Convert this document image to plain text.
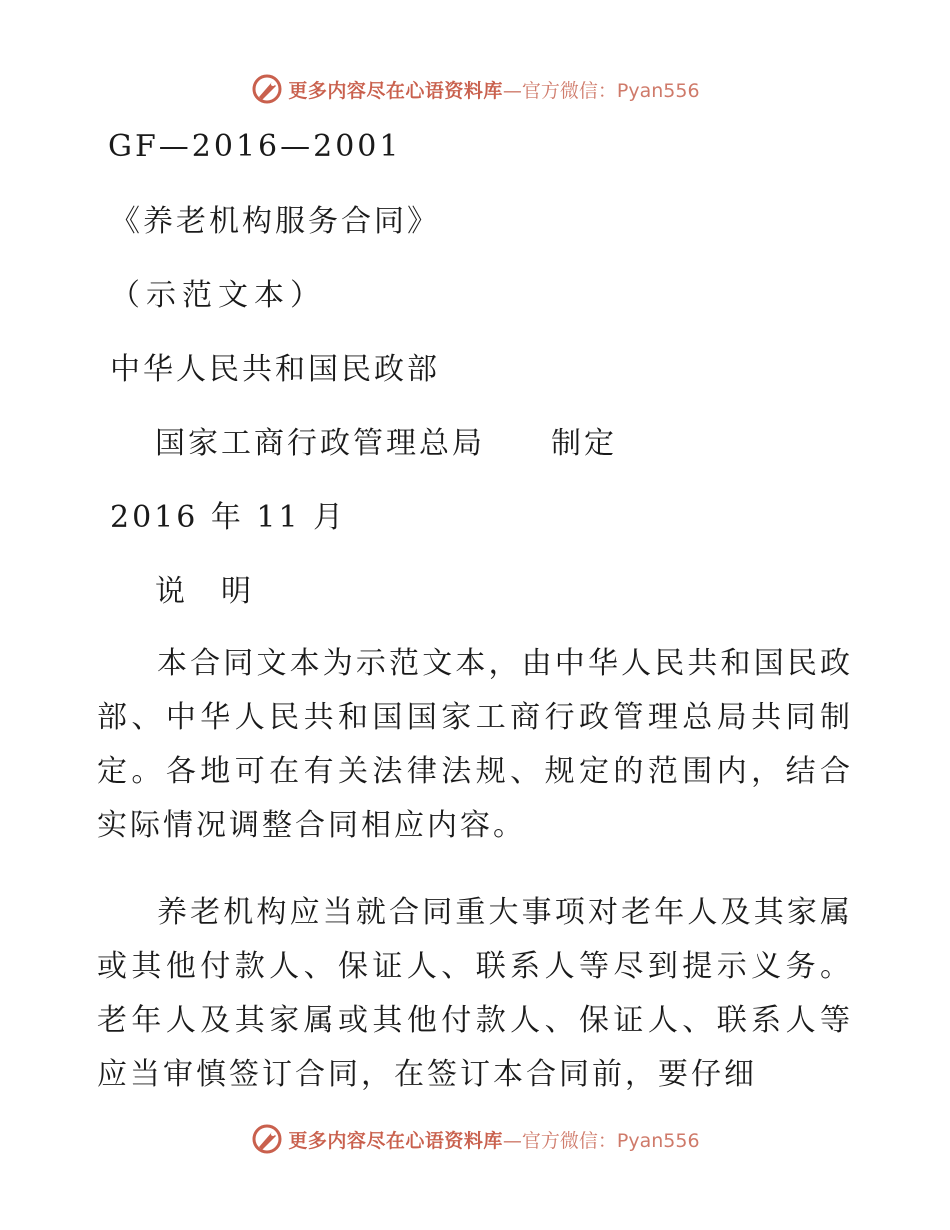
更多内容尽在心语资料库—官方微信：Pyan556
GF—2016—2001
《养老机构服务合同》
（示范文本）
中华人民共和国民政部
国家工商行政管理总局　　制定
2016 年 11 月
说　明
本合同文本为示范文本，由中华人民共和国民政部、中华人民共和国国家工商行政管理总局共同制定。各地可在有关法律法规、规定的范围内，结合实际情况调整合同相应内容。
养老机构应当就合同重大事项对老年人及其家属或其他付款人、保证人、联系人等尽到提示义务。老年人及其家属或其他付款人、保证人、联系人等应当审慎签订合同，在签订本合同前，要仔细
更多内容尽在心语资料库—官方微信：Pyan556
